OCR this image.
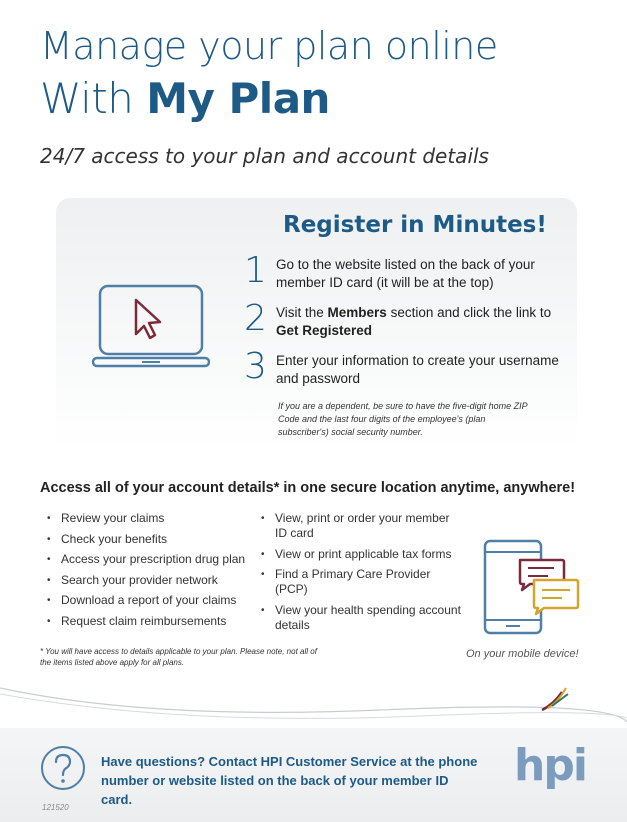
Manage your plan online
With My Plan
24/7 access to your plan and account details
Register in Minutes!
1 Go to the website listed on the back of your member ID card (it will be at the top)
2 Visit the Members section and click the link to Get Registered
3 Enter your information to create your username and password
If you are a dependent, be sure to have the five-digit home ZIP Code and the last four digits of the employee's (plan subscriber's) social security number.
Access all of your account details* in one secure location anytime, anywhere!
• Review your claims
• Check your benefits
• Access your prescription drug plan
• Search your provider network
• Download a report of your claims
• Request claim reimbursements
• View, print or order your member ID card
• View or print applicable tax forms
• Find a Primary Care Provider (PCP)
• View your health spending account details
* You will have access to details applicable to your plan. Please note, not all of the items listed above apply for all plans.
On your mobile device!
Have questions? Contact HPI Customer Service at the phone number or website listed on the back of your member ID card.
hpi
121520
